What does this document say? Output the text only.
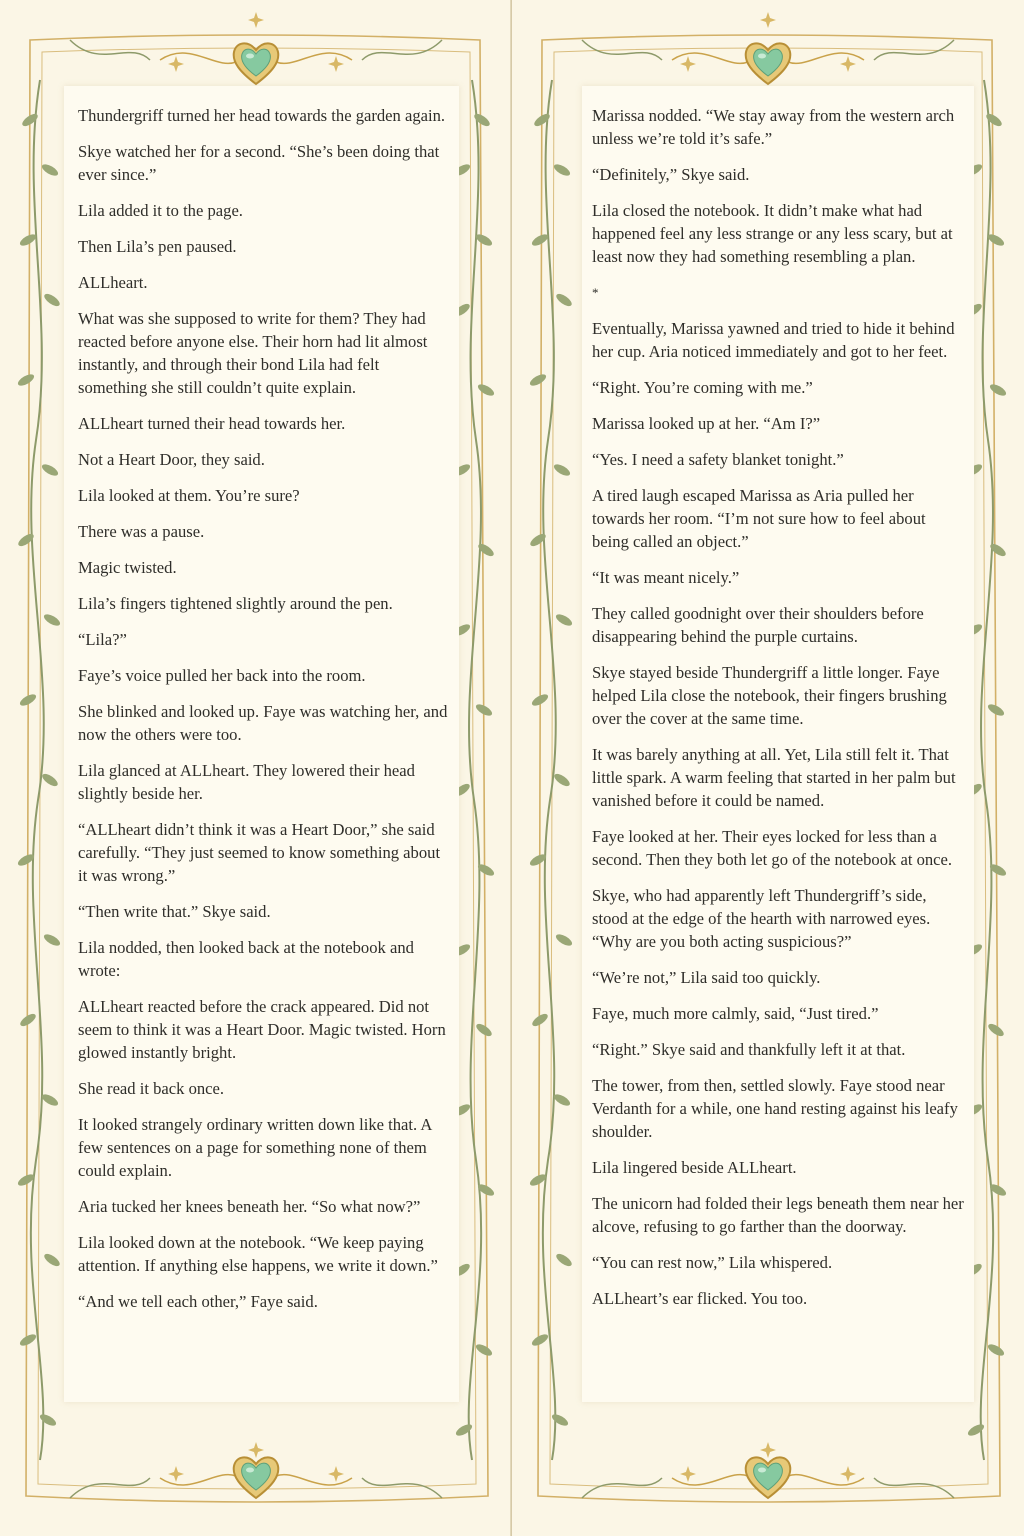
Thundergriff turned her head towards the garden again.

Skye watched her for a second. “She’s been doing that ever since.”

Lila added it to the page.

Then Lila’s pen paused.

ALLheart.

What was she supposed to write for them? They had reacted before anyone else. Their horn had lit almost instantly, and through their bond Lila had felt something she still couldn’t quite explain.

ALLheart turned their head towards her.

Not a Heart Door, they said.

Lila looked at them. You’re sure?

There was a pause.

Magic twisted.

Lila’s fingers tightened slightly around the pen.

“Lila?”

Faye’s voice pulled her back into the room.

She blinked and looked up. Faye was watching her, and now the others were too.

Lila glanced at ALLheart. They lowered their head slightly beside her.

“ALLheart didn’t think it was a Heart Door,” she said carefully. “They just seemed to know something about it was wrong.”

“Then write that.” Skye said.

Lila nodded, then looked back at the notebook and wrote:

ALLheart reacted before the crack appeared. Did not seem to think it was a Heart Door. Magic twisted. Horn glowed instantly bright.

She read it back once.

It looked strangely ordinary written down like that. A few sentences on a page for something none of them could explain.

Aria tucked her knees beneath her. “So what now?”

Lila looked down at the notebook. “We keep paying attention. If anything else happens, we write it down.”

“And we tell each other,” Faye said.

Marissa nodded. “We stay away from the western arch unless we’re told it’s safe.”

“Definitely,” Skye said.

Lila closed the notebook. It didn’t make what had happened feel any less strange or any less scary, but at least now they had something resembling a plan.

*

Eventually, Marissa yawned and tried to hide it behind her cup. Aria noticed immediately and got to her feet.

“Right. You’re coming with me.”

Marissa looked up at her. “Am I?”

“Yes. I need a safety blanket tonight.”

A tired laugh escaped Marissa as Aria pulled her towards her room. “I’m not sure how to feel about being called an object.”

“It was meant nicely.”

They called goodnight over their shoulders before disappearing behind the purple curtains.

Skye stayed beside Thundergriff a little longer. Faye helped Lila close the notebook, their fingers brushing over the cover at the same time.

It was barely anything at all. Yet, Lila still felt it. That little spark. A warm feeling that started in her palm but vanished before it could be named.

Faye looked at her. Their eyes locked for less than a second. Then they both let go of the notebook at once.

Skye, who had apparently left Thundergriff’s side, stood at the edge of the hearth with narrowed eyes. “Why are you both acting suspicious?”

“We’re not,” Lila said too quickly.

Faye, much more calmly, said, “Just tired.”

“Right.” Skye said and thankfully left it at that.

The tower, from then, settled slowly. Faye stood near Verdanth for a while, one hand resting against his leafy shoulder.

Lila lingered beside ALLheart.

The unicorn had folded their legs beneath them near her alcove, refusing to go farther than the doorway.

“You can rest now,” Lila whispered.

ALLheart’s ear flicked. You too.
